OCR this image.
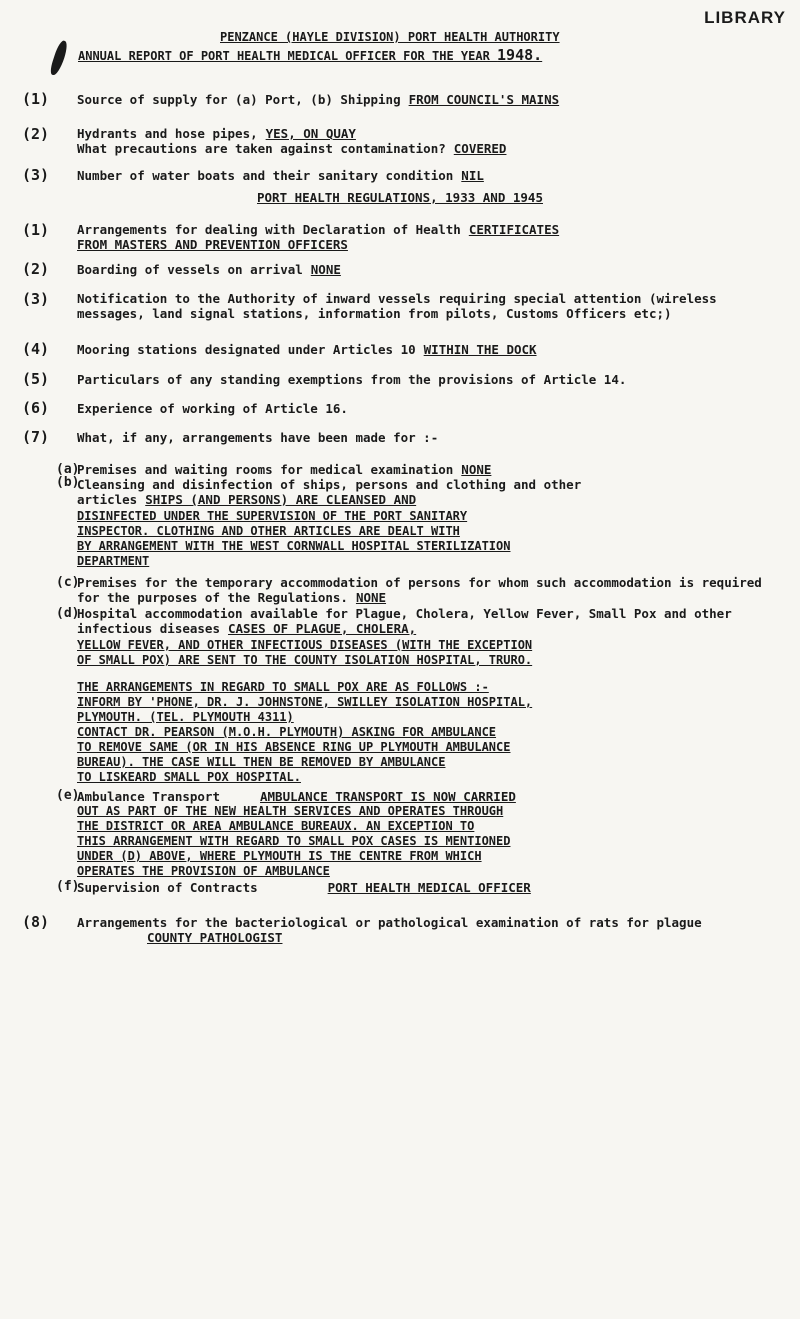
LIBRARY
PENZANCE (HAYLE DIVISION) PORT HEALTH AUTHORITY
ANNUAL REPORT OF PORT HEALTH MEDICAL OFFICER FOR THE YEAR 1948.
(1) Source of supply for (a) Port, (b) Shipping FROM COUNCIL'S MAINS
(2) Hydrants and hose pipes, YES, ON QUAY
What precautions are taken against contamination? COVERED
(3) Number of water boats and their sanitary condition NIL
PORT HEALTH REGULATIONS, 1933 AND 1945
(1) Arrangements for dealing with Declaration of Health CERTIFICATES
FROM MASTERS AND PREVENTION OFFICERS
(2) Boarding of vessels on arrival NONE
(3) Notification to the Authority of inward vessels requiring special attention (wireless messages, land signal stations, information from pilots, Customs Officers etc;)
(4) Mooring stations designated under Articles 10 WITHIN THE DOCK
(5) Particulars of any standing exemptions from the provisions of Article 14.
(6) Experience of working of Article 16.
(7) What, if any, arrangements have been made for :-
(a)
Premises and waiting rooms for medical examination NONE
(b)
Cleansing and disinfection of ships, persons and clothing and other articles SHIPS (AND PERSONS) ARE CLEANSED AND
DISINFECTED UNDER THE SUPERVISION OF THE PORT SANITARY
INSPECTOR. CLOTHING AND OTHER ARTICLES ARE DEALT WITH
BY ARRANGEMENT WITH THE WEST CORNWALL HOSPITAL STERILIZATION
DEPARTMENT
(c)
Premises for the temporary accommodation of persons for whom such accommodation is required for the purposes of the Regulations. NONE
(d)
Hospital accommodation available for Plague, Cholera, Yellow Fever, Small Pox and other infectious diseases CASES OF PLAGUE, CHOLERA,
YELLOW FEVER, AND OTHER INFECTIOUS DISEASES (WITH THE EXCEPTION
OF SMALL POX) ARE SENT TO THE COUNTY ISOLATION HOSPITAL, TRURO.
THE ARRANGEMENTS IN REGARD TO SMALL POX ARE AS FOLLOWS :-
INFORM BY 'PHONE, DR. J. JOHNSTONE, SWILLEY ISOLATION HOSPITAL,
PLYMOUTH. (TEL. PLYMOUTH 4311)
CONTACT DR. PEARSON (M.O.H. PLYMOUTH) ASKING FOR AMBULANCE
TO REMOVE SAME (OR IN HIS ABSENCE RING UP PLYMOUTH AMBULANCE
BUREAU). THE CASE WILL THEN BE REMOVED BY AMBULANCE
TO LISKEARD SMALL POX HOSPITAL.
(e)
Ambulance Transport	AMBULANCE TRANSPORT IS NOW CARRIED
OUT AS PART OF THE NEW HEALTH SERVICES AND OPERATES THROUGH
THE DISTRICT OR AREA AMBULANCE BUREAUX. AN EXCEPTION TO
THIS ARRANGEMENT WITH REGARD TO SMALL POX CASES IS MENTIONED
UNDER (D) ABOVE, WHERE PLYMOUTH IS THE CENTRE FROM WHICH
OPERATES THE PROVISION OF AMBULANCE
(f)
Supervision of Contracts	PORT HEALTH MEDICAL OFFICER
(8) Arrangements for the bacteriological or pathological examination of rats for plague
COUNTY PATHOLOGIST
